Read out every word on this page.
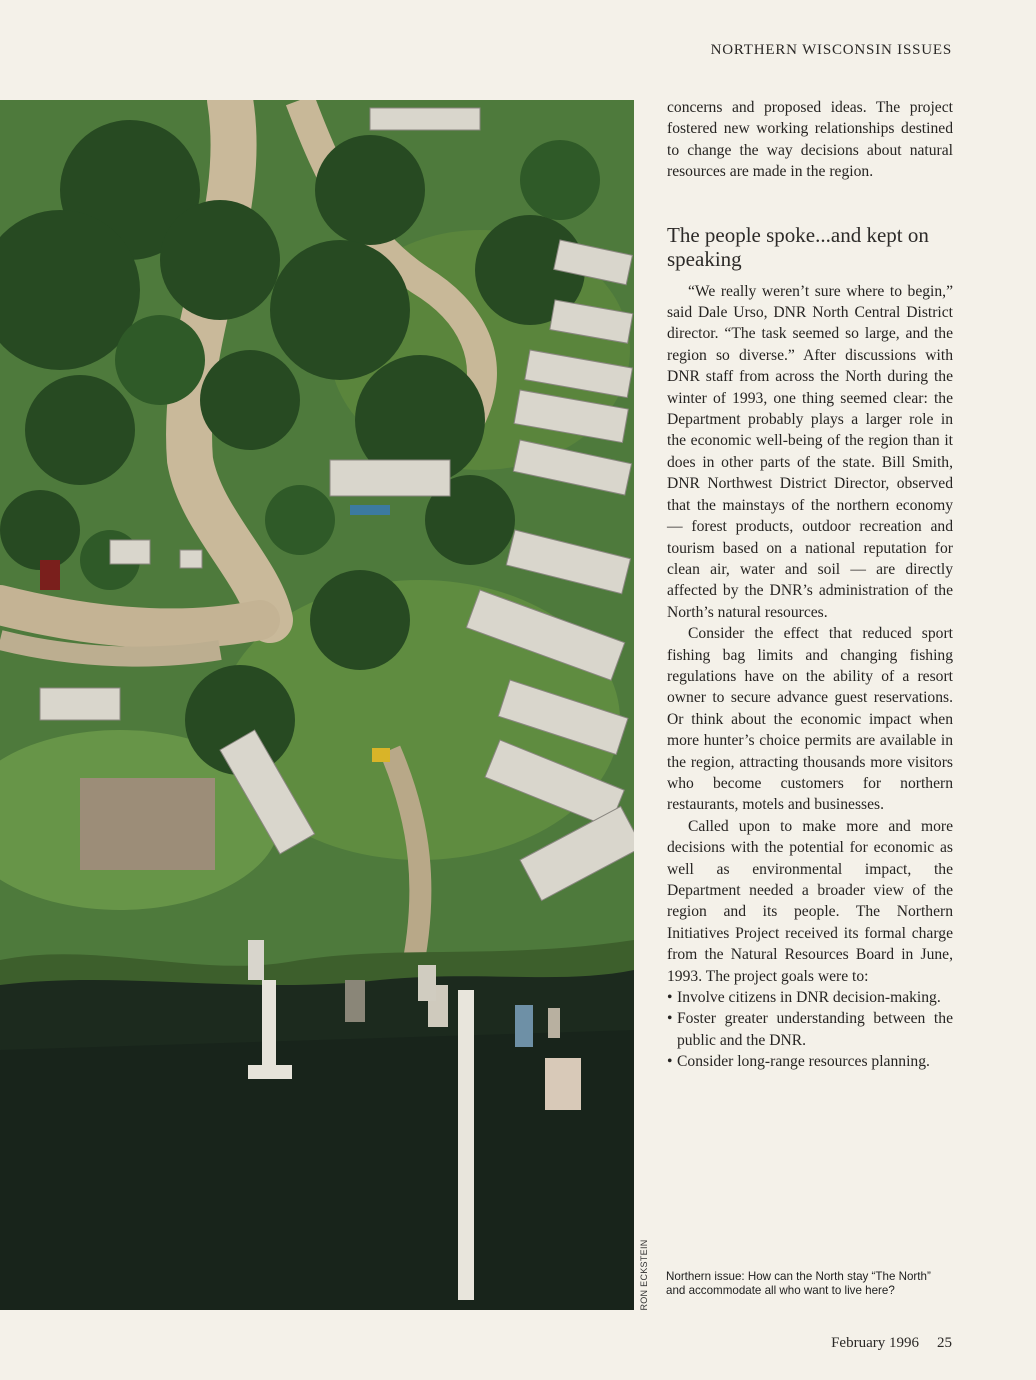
NORTHERN WISCONSIN ISSUES
RON ECKSTEIN

concerns and proposed ideas. The project fostered new working relationships destined to change the way decisions about natural resources are made in the region.

The people spoke...and kept on speaking

“We really weren’t sure where to begin,” said Dale Urso, DNR North Central District director. “The task seemed so large, and the region so diverse.” After discussions with DNR staff from across the North during the winter of 1993, one thing seemed clear: the Department probably plays a larger role in the economic well-being of the region than it does in other parts of the state. Bill Smith, DNR Northwest District Director, observed that the mainstays of the northern economy — forest products, outdoor recreation and tourism based on a national reputation for clean air, water and soil — are directly affected by the DNR’s administration of the North’s natural resources.

Consider the effect that reduced sport fishing bag limits and changing fishing regulations have on the ability of a resort owner to secure advance guest reservations. Or think about the economic impact when more hunter’s choice permits are available in the region, attracting thousands more visitors who become customers for northern restaurants, motels and businesses.

Called upon to make more and more decisions with the potential for economic as well as environmental impact, the Department needed a broader view of the region and its people. The Northern Initiatives Project received its formal charge from the Natural Resources Board in June, 1993. The project goals were to:

• Involve citizens in DNR decision-making.
• Foster greater understanding between the public and the DNR.
• Consider long-range resources planning.
Northern issue: How can the North stay “The North” and accommodate all who want to live here?
February 1996 25
